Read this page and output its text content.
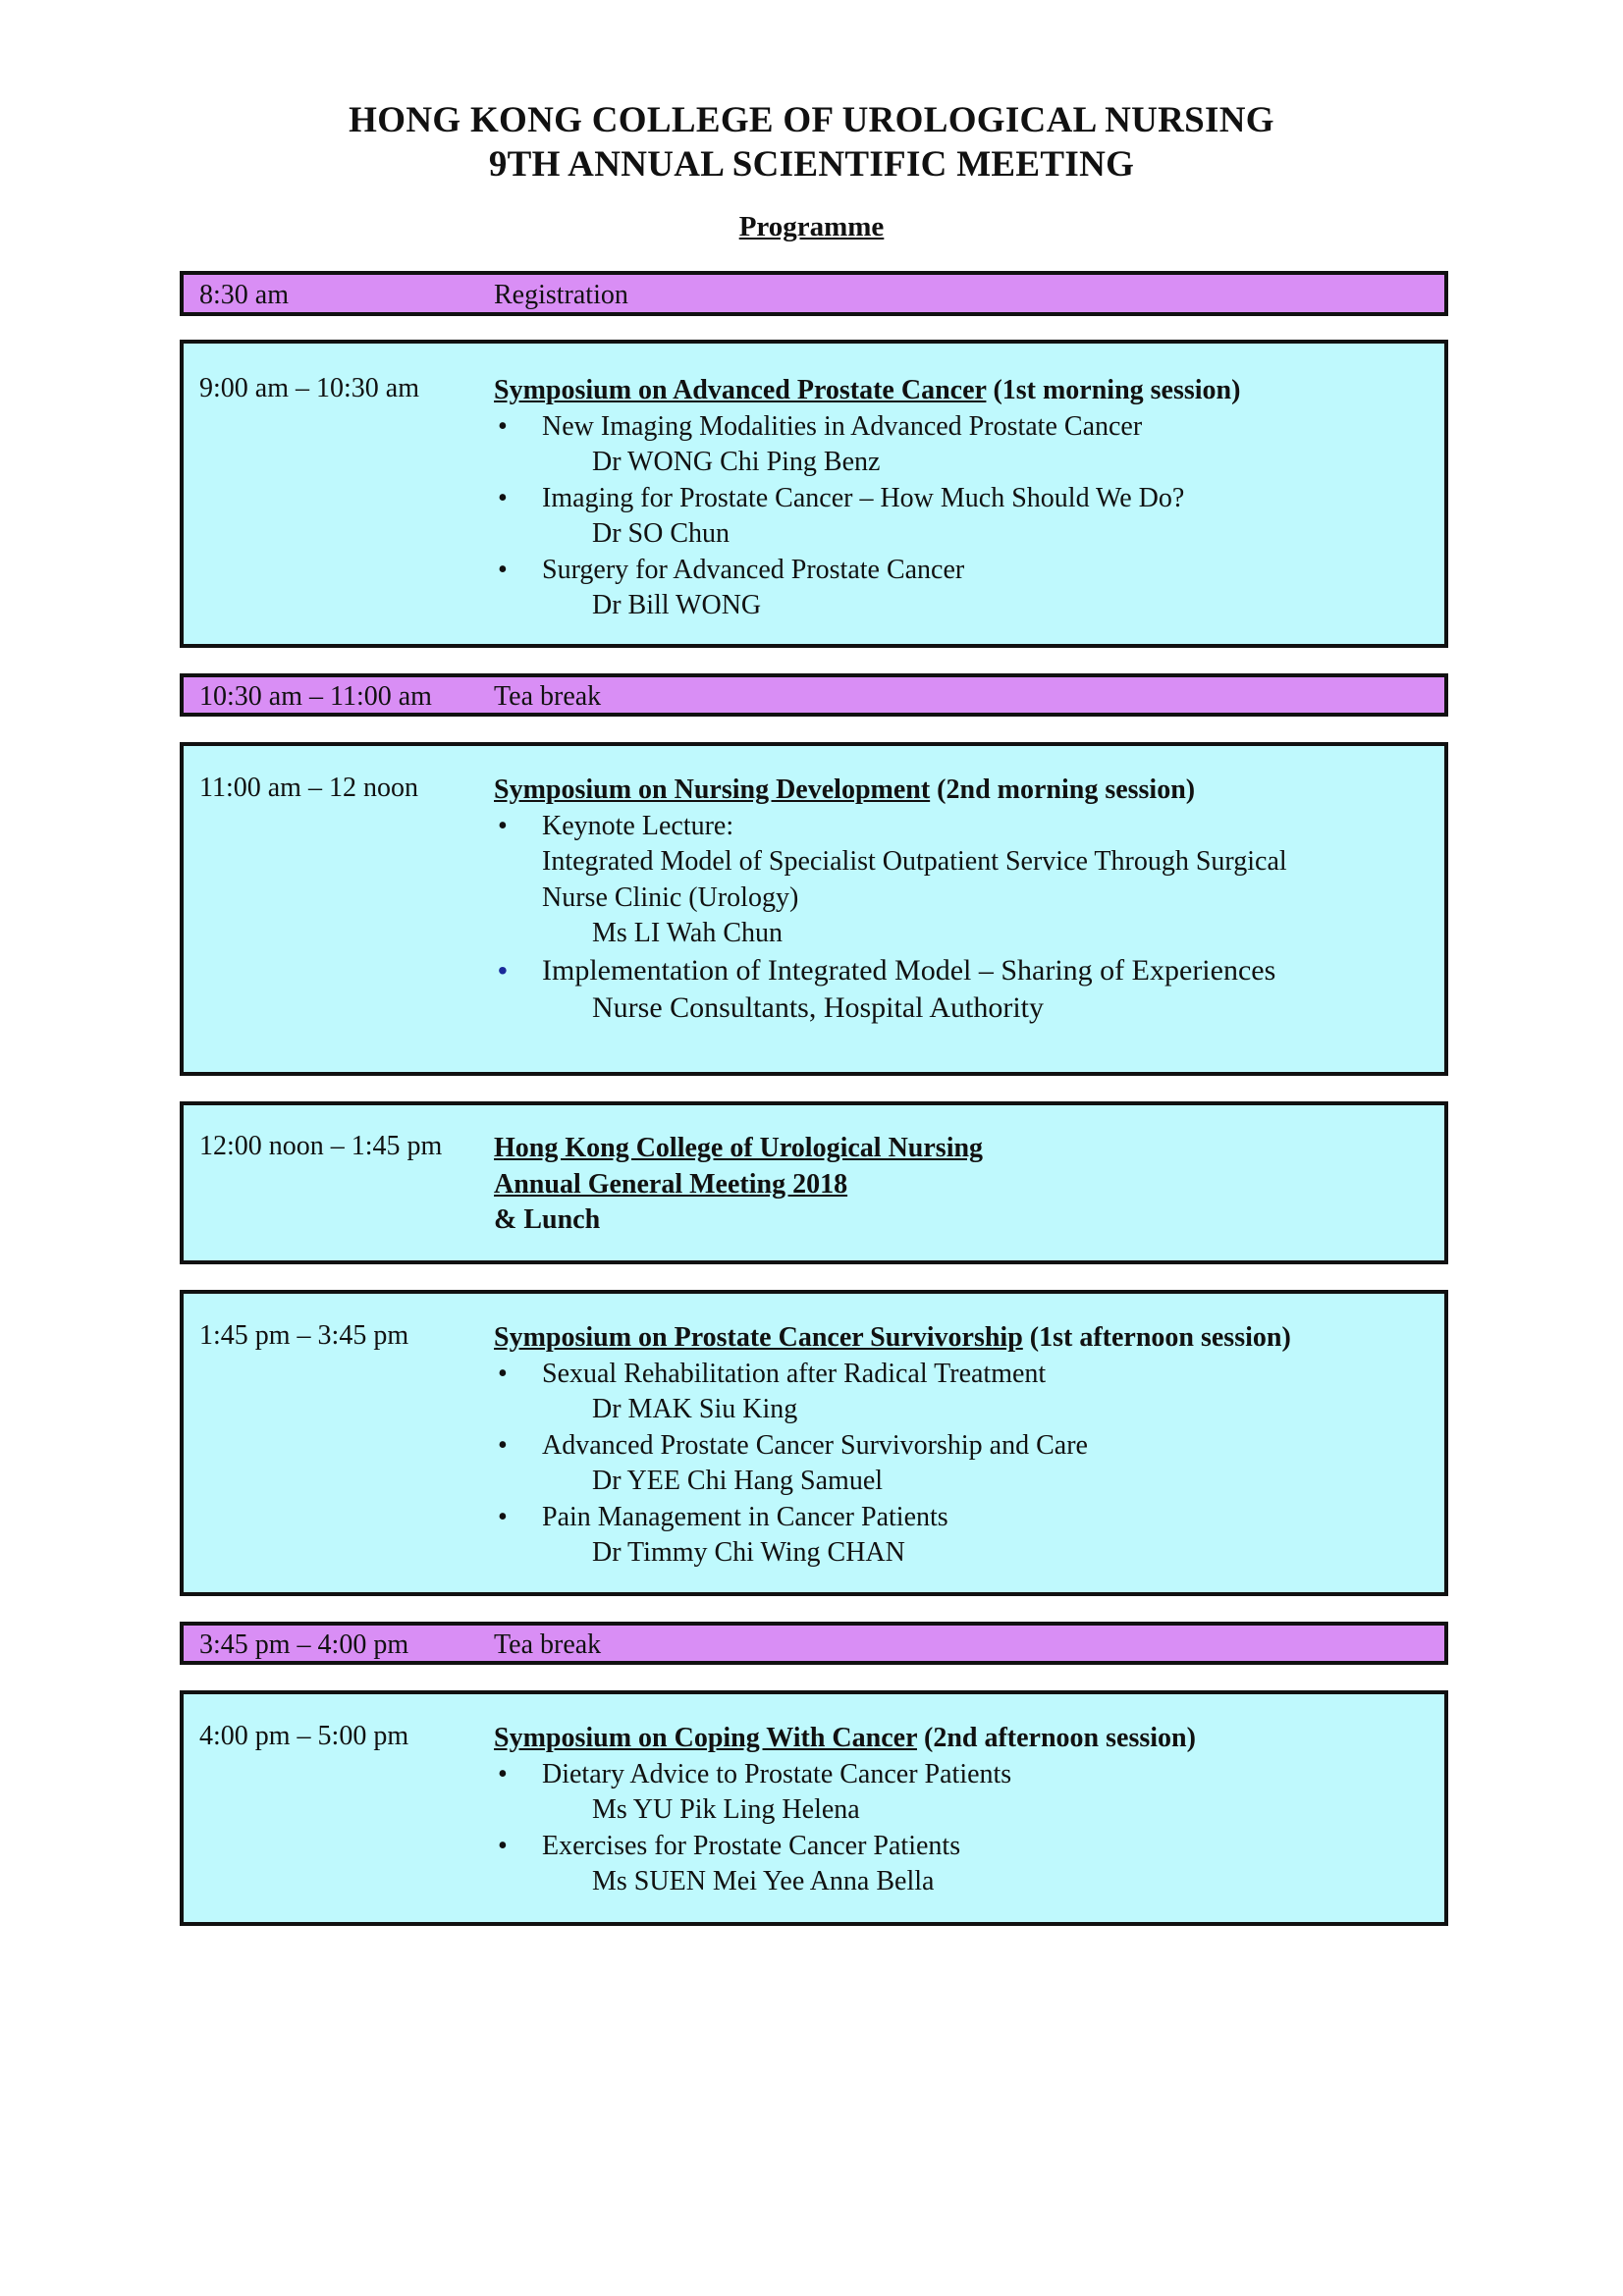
HONG KONG COLLEGE OF UROLOGICAL NURSING
9TH ANNUAL SCIENTIFIC MEETING
Programme
8:30 am	Registration
9:00 am – 10:30 am	Symposium on Advanced Prostate Cancer (1st morning session)
• New Imaging Modalities in Advanced Prostate Cancer
Dr WONG Chi Ping Benz
• Imaging for Prostate Cancer – How Much Should We Do?
Dr SO Chun
• Surgery for Advanced Prostate Cancer
Dr Bill WONG
10:30 am – 11:00 am Tea break
11:00 am – 12 noon	Symposium on Nursing Development (2nd morning session)
• Keynote Lecture:
Integrated Model of Specialist Outpatient Service Through Surgical
Nurse Clinic (Urology)
Ms LI Wah Chun
• Implementation of Integrated Model – Sharing of Experiences
Nurse Consultants, Hospital Authority
12:00 noon – 1:45 pm Hong Kong College of Urological Nursing
Annual General Meeting 2018
& Lunch
1:45 pm – 3:45 pm	Symposium on Prostate Cancer Survivorship (1st afternoon session)
• Sexual Rehabilitation after Radical Treatment
Dr MAK Siu King
• Advanced Prostate Cancer Survivorship and Care
Dr YEE Chi Hang Samuel
• Pain Management in Cancer Patients
Dr Timmy Chi Wing CHAN
3:45 pm – 4:00 pm	Tea break
4:00 pm – 5:00 pm	Symposium on Coping With Cancer (2nd afternoon session)
• Dietary Advice to Prostate Cancer Patients
Ms YU Pik Ling Helena
• Exercises for Prostate Cancer Patients
Ms SUEN Mei Yee Anna Bella
